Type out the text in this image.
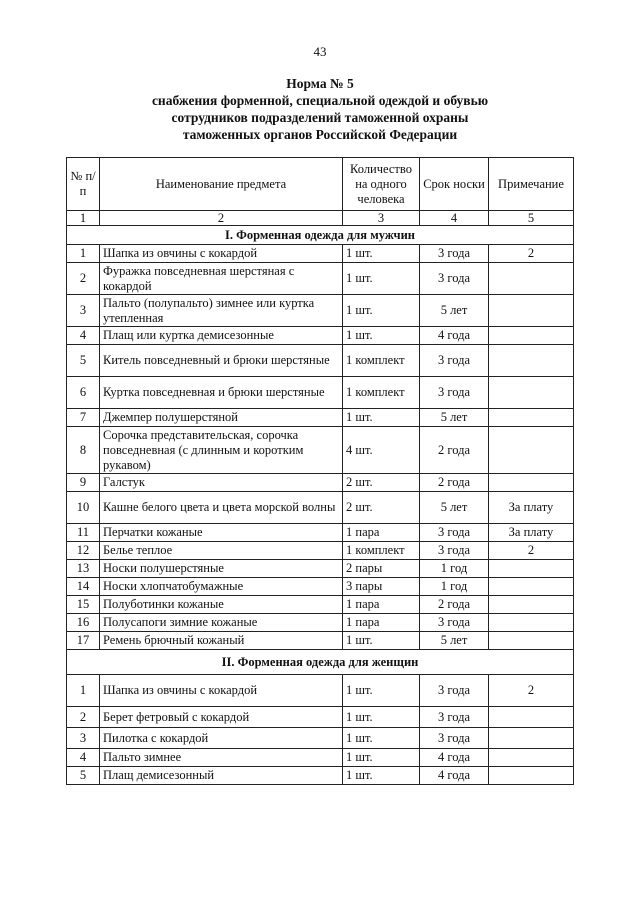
43
Норма № 5
снабжения форменной, специальной одеждой и обувью
сотрудников подразделений таможенной охраны
таможенных органов Российской Федерации
№ п/п	Наименование предмета	Количество на одного человека	Срок носки	Примечание
1	2	3	4	5
I. Форменная одежда для мужчин				
1	Шапка из овчины с кокардой	1 шт.	3 года	2
2	Фуражка повседневная шерстяная с кокардой	1 шт.	3 года	
3	Пальто (полупальто) зимнее или куртка утепленная	1 шт.	5 лет	
4	Плащ или куртка демисезонные	1 шт.	4 года	
5	Китель повседневный и брюки шерстяные	1 комплект	3 года	
6	Куртка повседневная и брюки шерстяные	1 комплект	3 года	
7	Джемпер полушерстяной	1 шт.	5 лет	
8	Сорочка представительская, сорочка повседневная (с длинным и коротким рукавом)	4 шт.	2 года	
9	Галстук	2 шт.	2 года	
10	Кашне белого цвета и цвета морской волны	2 шт.	5 лет	За плату
11	Перчатки кожаные	1 пара	3 года	За плату
12	Белье теплое	1 комплект	3 года	2
13	Носки полушерстяные	2 пары	1 год	
14	Носки хлопчатобумажные	3 пары	1 год	
15	Полуботинки кожаные	1 пара	2 года	
16	Полусапоги зимние кожаные	1 пара	3 года	
17	Ремень брючный кожаный	1 шт.	5 лет	
II. Форменная одежда для женщин				
1	Шапка из овчины с кокардой	1 шт.	3 года	2
2	Берет фетровый с кокардой	1 шт.	3 года	
3	Пилотка с кокардой	1 шт.	3 года	
4	Пальто зимнее	1 шт.	4 года	
5	Плащ демисезонный	1 шт.	4 года	
